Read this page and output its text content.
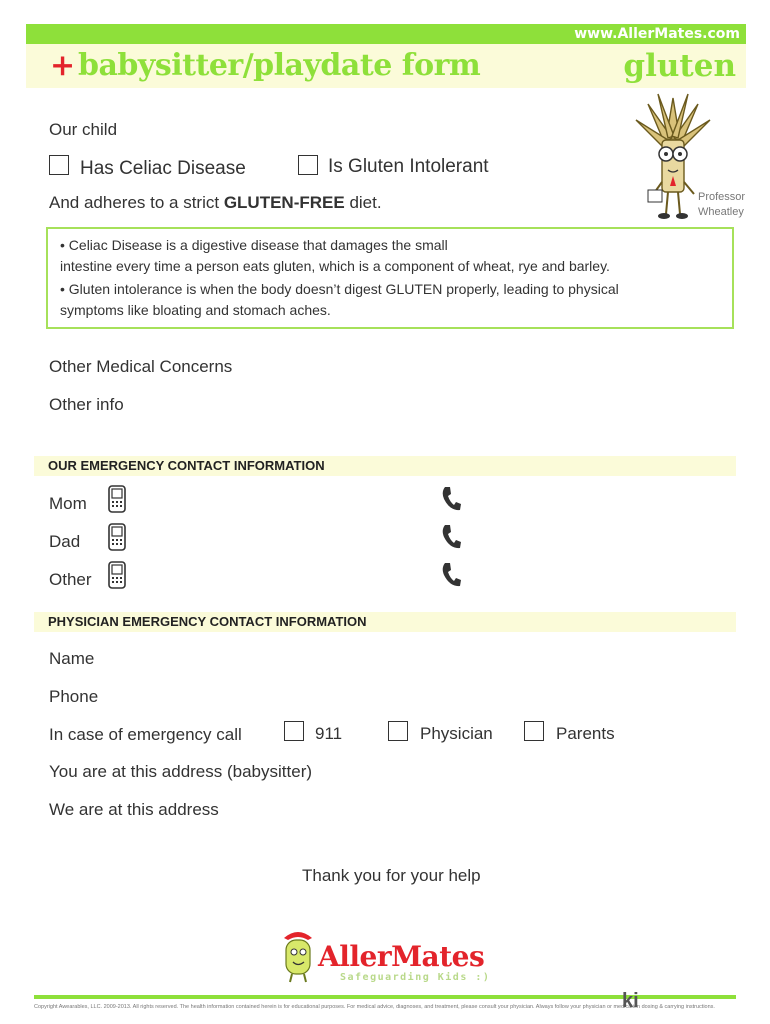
www.AllerMates.com
+ babysitter/playdate form	gluten
Professor
Wheatley
Our child
Has Celiac Disease	Is Gluten Intolerant
And adheres to a strict GLUTEN-FREE diet.

• Celiac Disease is a digestive disease that damages the small

intestine every time a person eats gluten, which is a component of wheat, rye and barley.

• Gluten intolerance is when the body doesn’t digest GLUTEN properly, leading to physical

symptoms like bloating and stomach aches.

Other Medical Concerns
Other info
OUR EMERGENCY CONTACT INFORMATION
Mom
Dad
Other
PHYSICIAN EMERGENCY CONTACT INFORMATION
Name
Phone
In case of emergency call	911	Physician	Parents
You are at this address (babysitter)
We are at this address
Thank you for your help
AllerMates
Safeguarding Kids :)
Copyright Awearables, LLC. 2009-2013. All rights reserved. The health information contained herein is for educational purposes. For medical advice, diagnoses, and treatment, please consult your physician. Always follow your physician or medication dosing & carrying instructions.
ki
